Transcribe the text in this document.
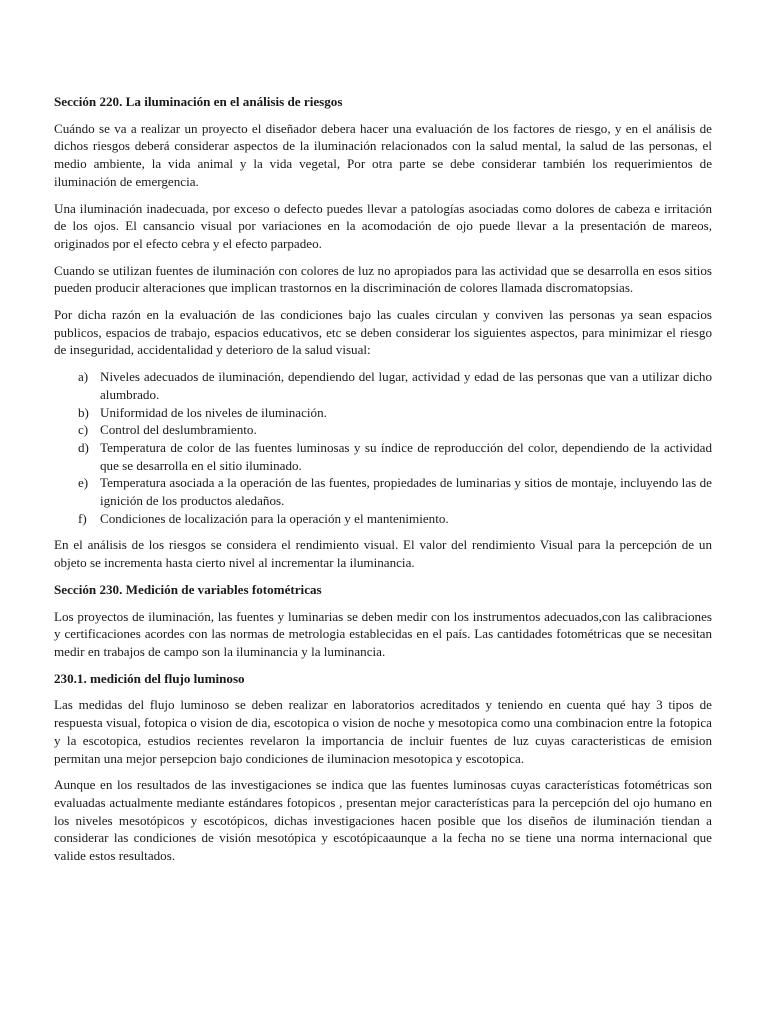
Sección 220. La iluminación en el análisis de riesgos

Cuándo se va a realizar un proyecto el diseñador debera hacer una evaluación de los factores de riesgo, y en el análisis de dichos riesgos deberá considerar aspectos de la iluminación relacionados con la salud mental, la salud de las personas, el medio ambiente, la vida animal y la vida vegetal, Por otra parte se debe considerar también los requerimientos de iluminación de emergencia.

Una iluminación inadecuada, por exceso o defecto puedes llevar a patologías asociadas como dolores de cabeza e irritación de los ojos. El cansancio visual por variaciones en la acomodación de ojo puede llevar a la presentación de mareos, originados por el efecto cebra y el efecto parpadeo.

Cuando se utilizan fuentes de iluminación con colores de luz no apropiados para las actividad que se desarrolla en esos sitios pueden producir alteraciones que implican trastornos en la discriminación de colores llamada discromatopsias.

Por dicha razón en la evaluación de las condiciones bajo las cuales circulan y conviven las personas ya sean espacios publicos, espacios de trabajo, espacios educativos, etc se deben considerar los siguientes aspectos, para minimizar el riesgo de inseguridad, accidentalidad y deterioro de la salud visual:

a) Niveles adecuados de iluminación, dependiendo del lugar, actividad y edad de las personas que van a utilizar dicho alumbrado.
b) Uniformidad de los niveles de iluminación.
c) Control del deslumbramiento.
d) Temperatura de color de las fuentes luminosas y su índice de reproducción del color, dependiendo de la actividad que se desarrolla en el sitio iluminado.
e) Temperatura asociada a la operación de las fuentes, propiedades de luminarias y sitios de montaje, incluyendo las de ignición de los productos aledaños.
f) Condiciones de localización para la operación y el mantenimiento.

En el análisis de los riesgos se considera el rendimiento visual. El valor del rendimiento Visual para la percepción de un objeto se incrementa hasta cierto nivel al incrementar la iluminancia.

Sección 230. Medición de variables fotométricas

Los proyectos de iluminación, las fuentes y luminarias se deben medir con los instrumentos adecuados,con las calibraciones y certificaciones acordes con las normas de metrologia establecidas en el país. Las cantidades fotométricas que se necesitan medir en trabajos de campo son la iluminancia y la luminancia.

230.1. medición del flujo luminoso

Las medidas del flujo luminoso se deben realizar en laboratorios acreditados y teniendo en cuenta qué hay 3 tipos de respuesta visual, fotopica o vision de dia, escotopica o vision de noche y mesotopica como una combinacion entre la fotopica y la escotopica, estudios recientes revelaron la importancia de incluir fuentes de luz cuyas caracteristicas de emision permitan una mejor persepcion bajo condiciones de iluminacion mesotopica y escotopica.

Aunque en los resultados de las investigaciones se indica que las fuentes luminosas cuyas características fotométricas son evaluadas actualmente mediante estándares fotopicos , presentan mejor características para la percepción del ojo humano en los niveles mesotópicos y escotópicos, dichas investigaciones hacen posible que los diseños de iluminación tiendan a considerar las condiciones de visión mesotópica y escotópicaaunque a la fecha no se tiene una norma internacional que valide estos resultados.
